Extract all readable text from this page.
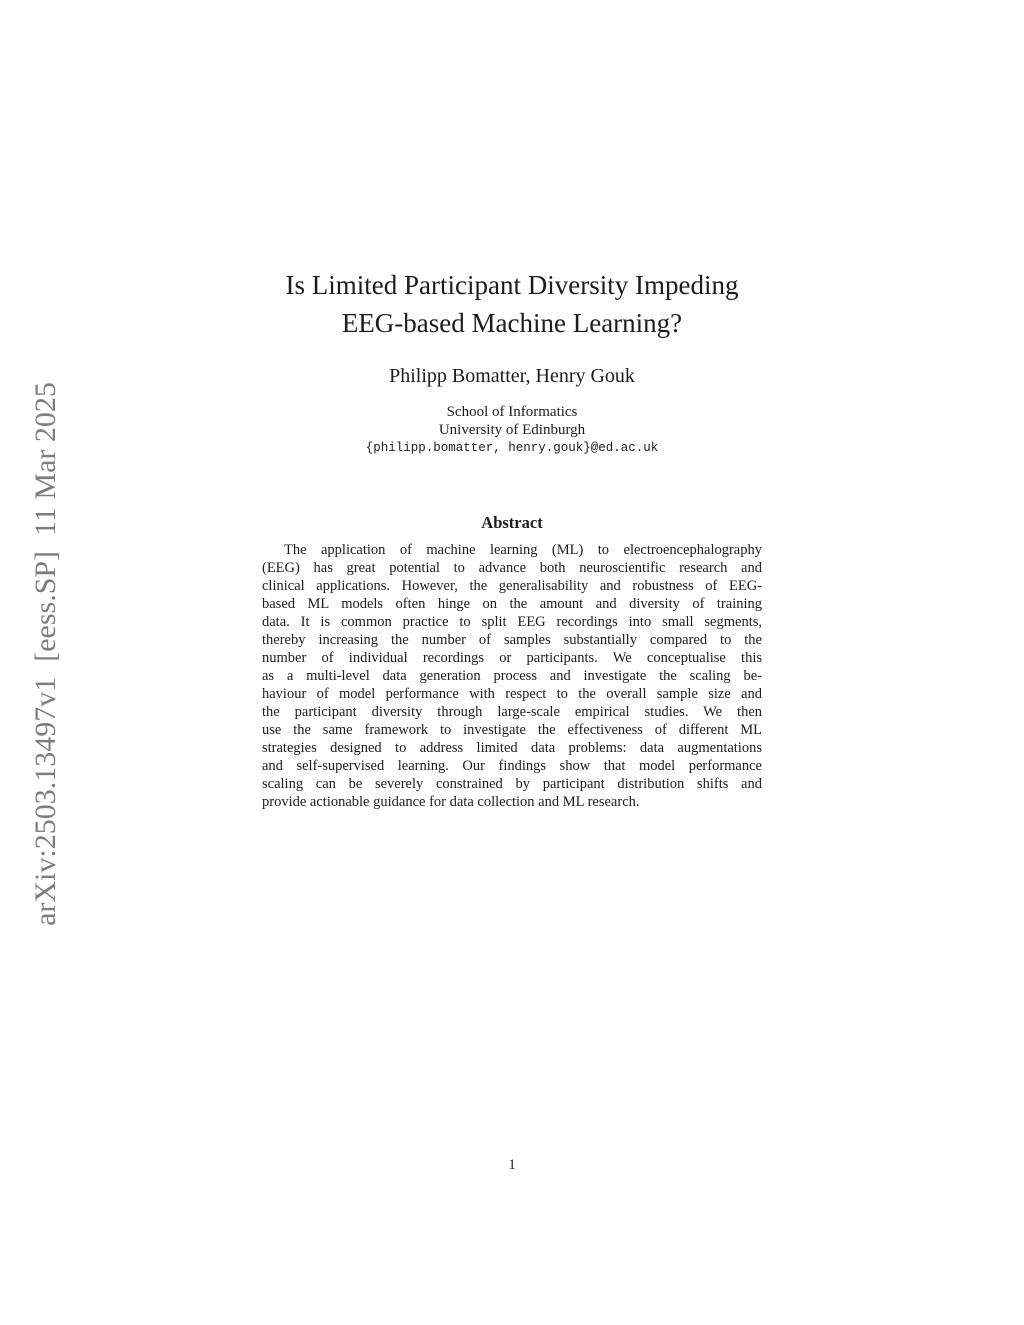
arXiv:2503.13497v1  [eess.SP]  11 Mar 2025
Is Limited Participant Diversity Impeding
EEG-based Machine Learning?
Philipp Bomatter, Henry Gouk
School of Informatics
University of Edinburgh
{philipp.bomatter, henry.gouk}@ed.ac.uk
Abstract
The application of machine learning (ML) to electroencephalography
(EEG) has great potential to advance both neuroscientific research and
clinical applications. However, the generalisability and robustness of EEG-
based ML models often hinge on the amount and diversity of training
data. It is common practice to split EEG recordings into small segments,
thereby increasing the number of samples substantially compared to the
number of individual recordings or participants. We conceptualise this
as a multi-level data generation process and investigate the scaling be-
haviour of model performance with respect to the overall sample size and
the participant diversity through large-scale empirical studies. We then
use the same framework to investigate the effectiveness of different ML
strategies designed to address limited data problems: data augmentations
and self-supervised learning. Our findings show that model performance
scaling can be severely constrained by participant distribution shifts and
provide actionable guidance for data collection and ML research.
1
